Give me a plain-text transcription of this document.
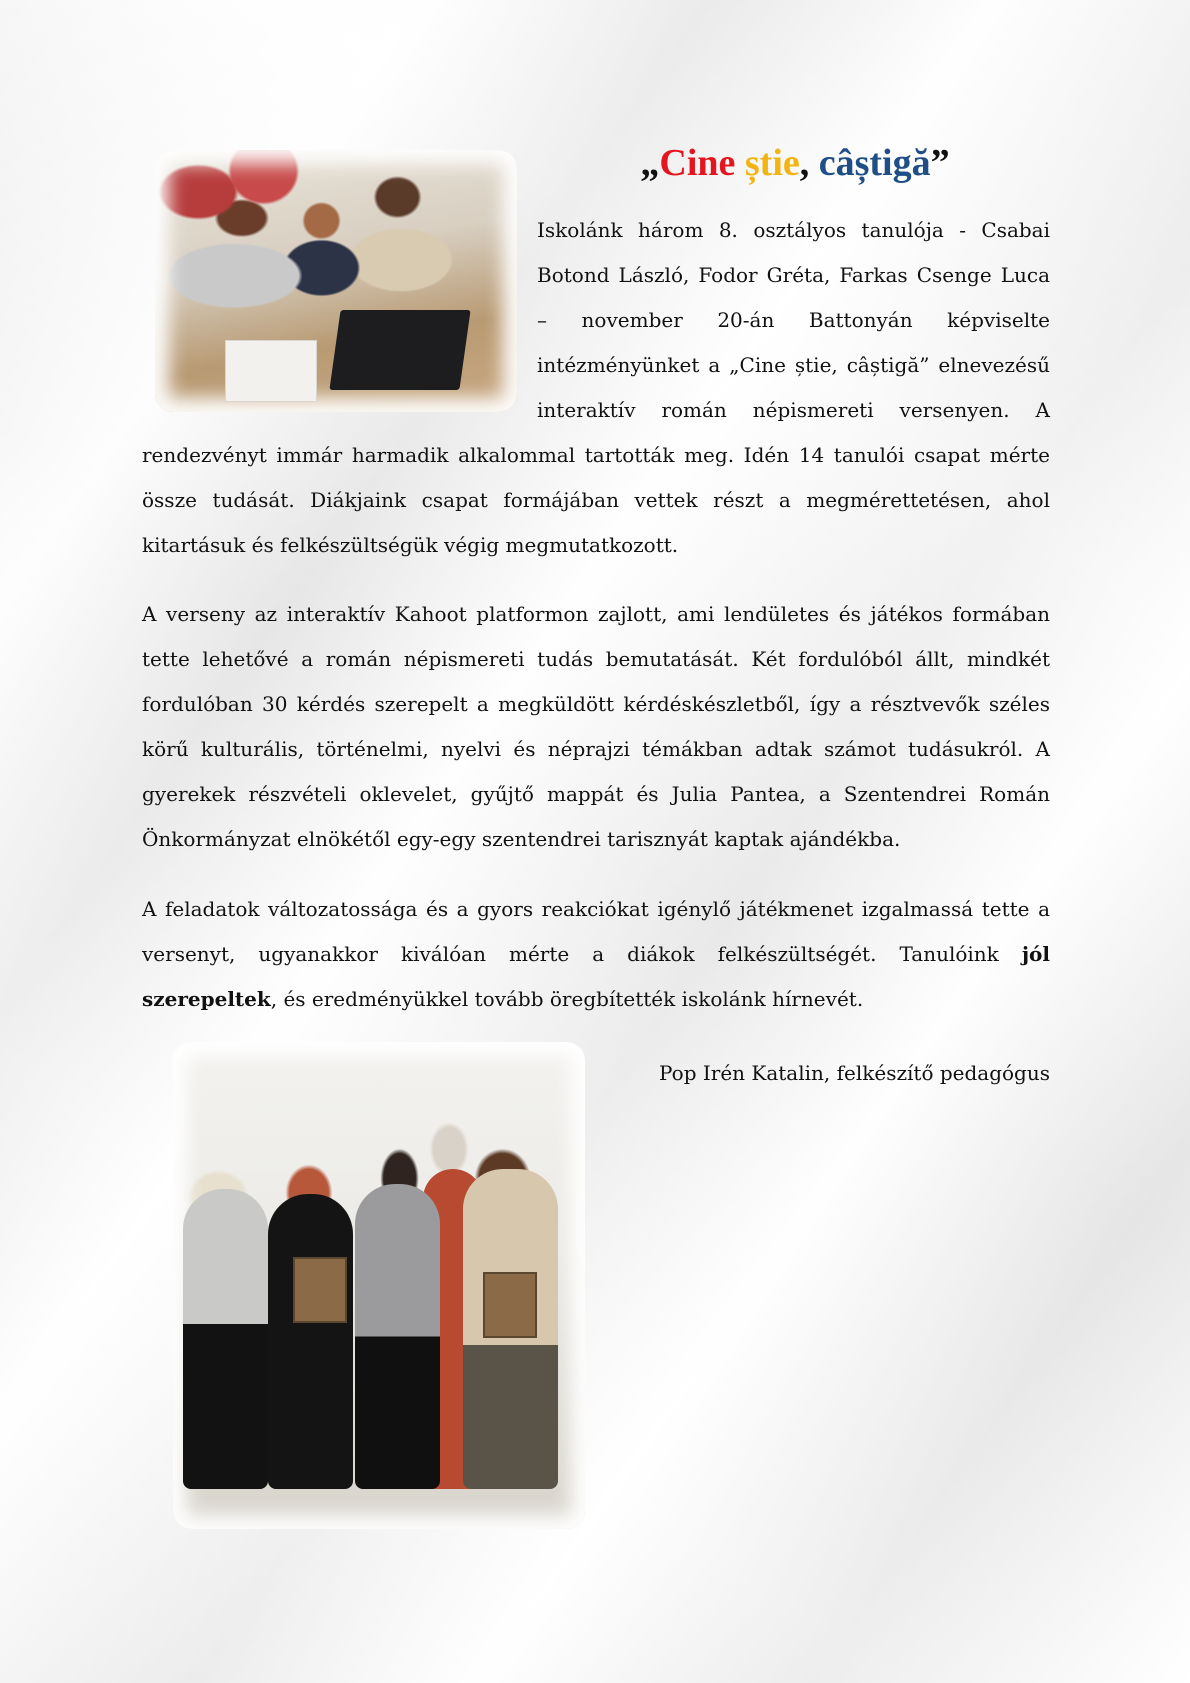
„Cine știe, câștigă”
Iskolánk három 8. osztályos tanulója - Csabai Botond László, Fodor Gréta, Farkas Csenge Luca – november 20-án Battonyán képviselte intézményünket a „Cine știe, câștigă” elnevezésű interaktív román népismereti versenyen. A rendezvényt immár harmadik alkalommal tartották meg. Idén 14 tanulói csapat mérte össze tudását. Diákjaink csapat formájában vettek részt a megmérettetésen, ahol kitartásuk és felkészültségük végig megmutatkozott.

A verseny az interaktív Kahoot platformon zajlott, ami lendületes és játékos formában tette lehetővé a román népismereti tudás bemutatását. Két fordulóból állt, mindkét fordulóban 30 kérdés szerepelt a megküldött kérdéskészletből, így a résztvevők széles körű kulturális, történelmi, nyelvi és néprajzi témákban adtak számot tudásukról. A gyerekek részvételi oklevelet, gyűjtő mappát és Julia Pantea, a Szentendrei Román Önkormányzat elnökétől egy-egy szentendrei tarisznyát kaptak ajándékba.

A feladatok változatossága és a gyors reakciókat igénylő játékmenet izgalmassá tette a versenyt, ugyanakkor kiválóan mérte a diákok felkészültségét. Tanulóink jól szerepeltek, és eredményükkel tovább öregbítették iskolánk hírnevét.

Pop Irén Katalin, felkészítő pedagógus
